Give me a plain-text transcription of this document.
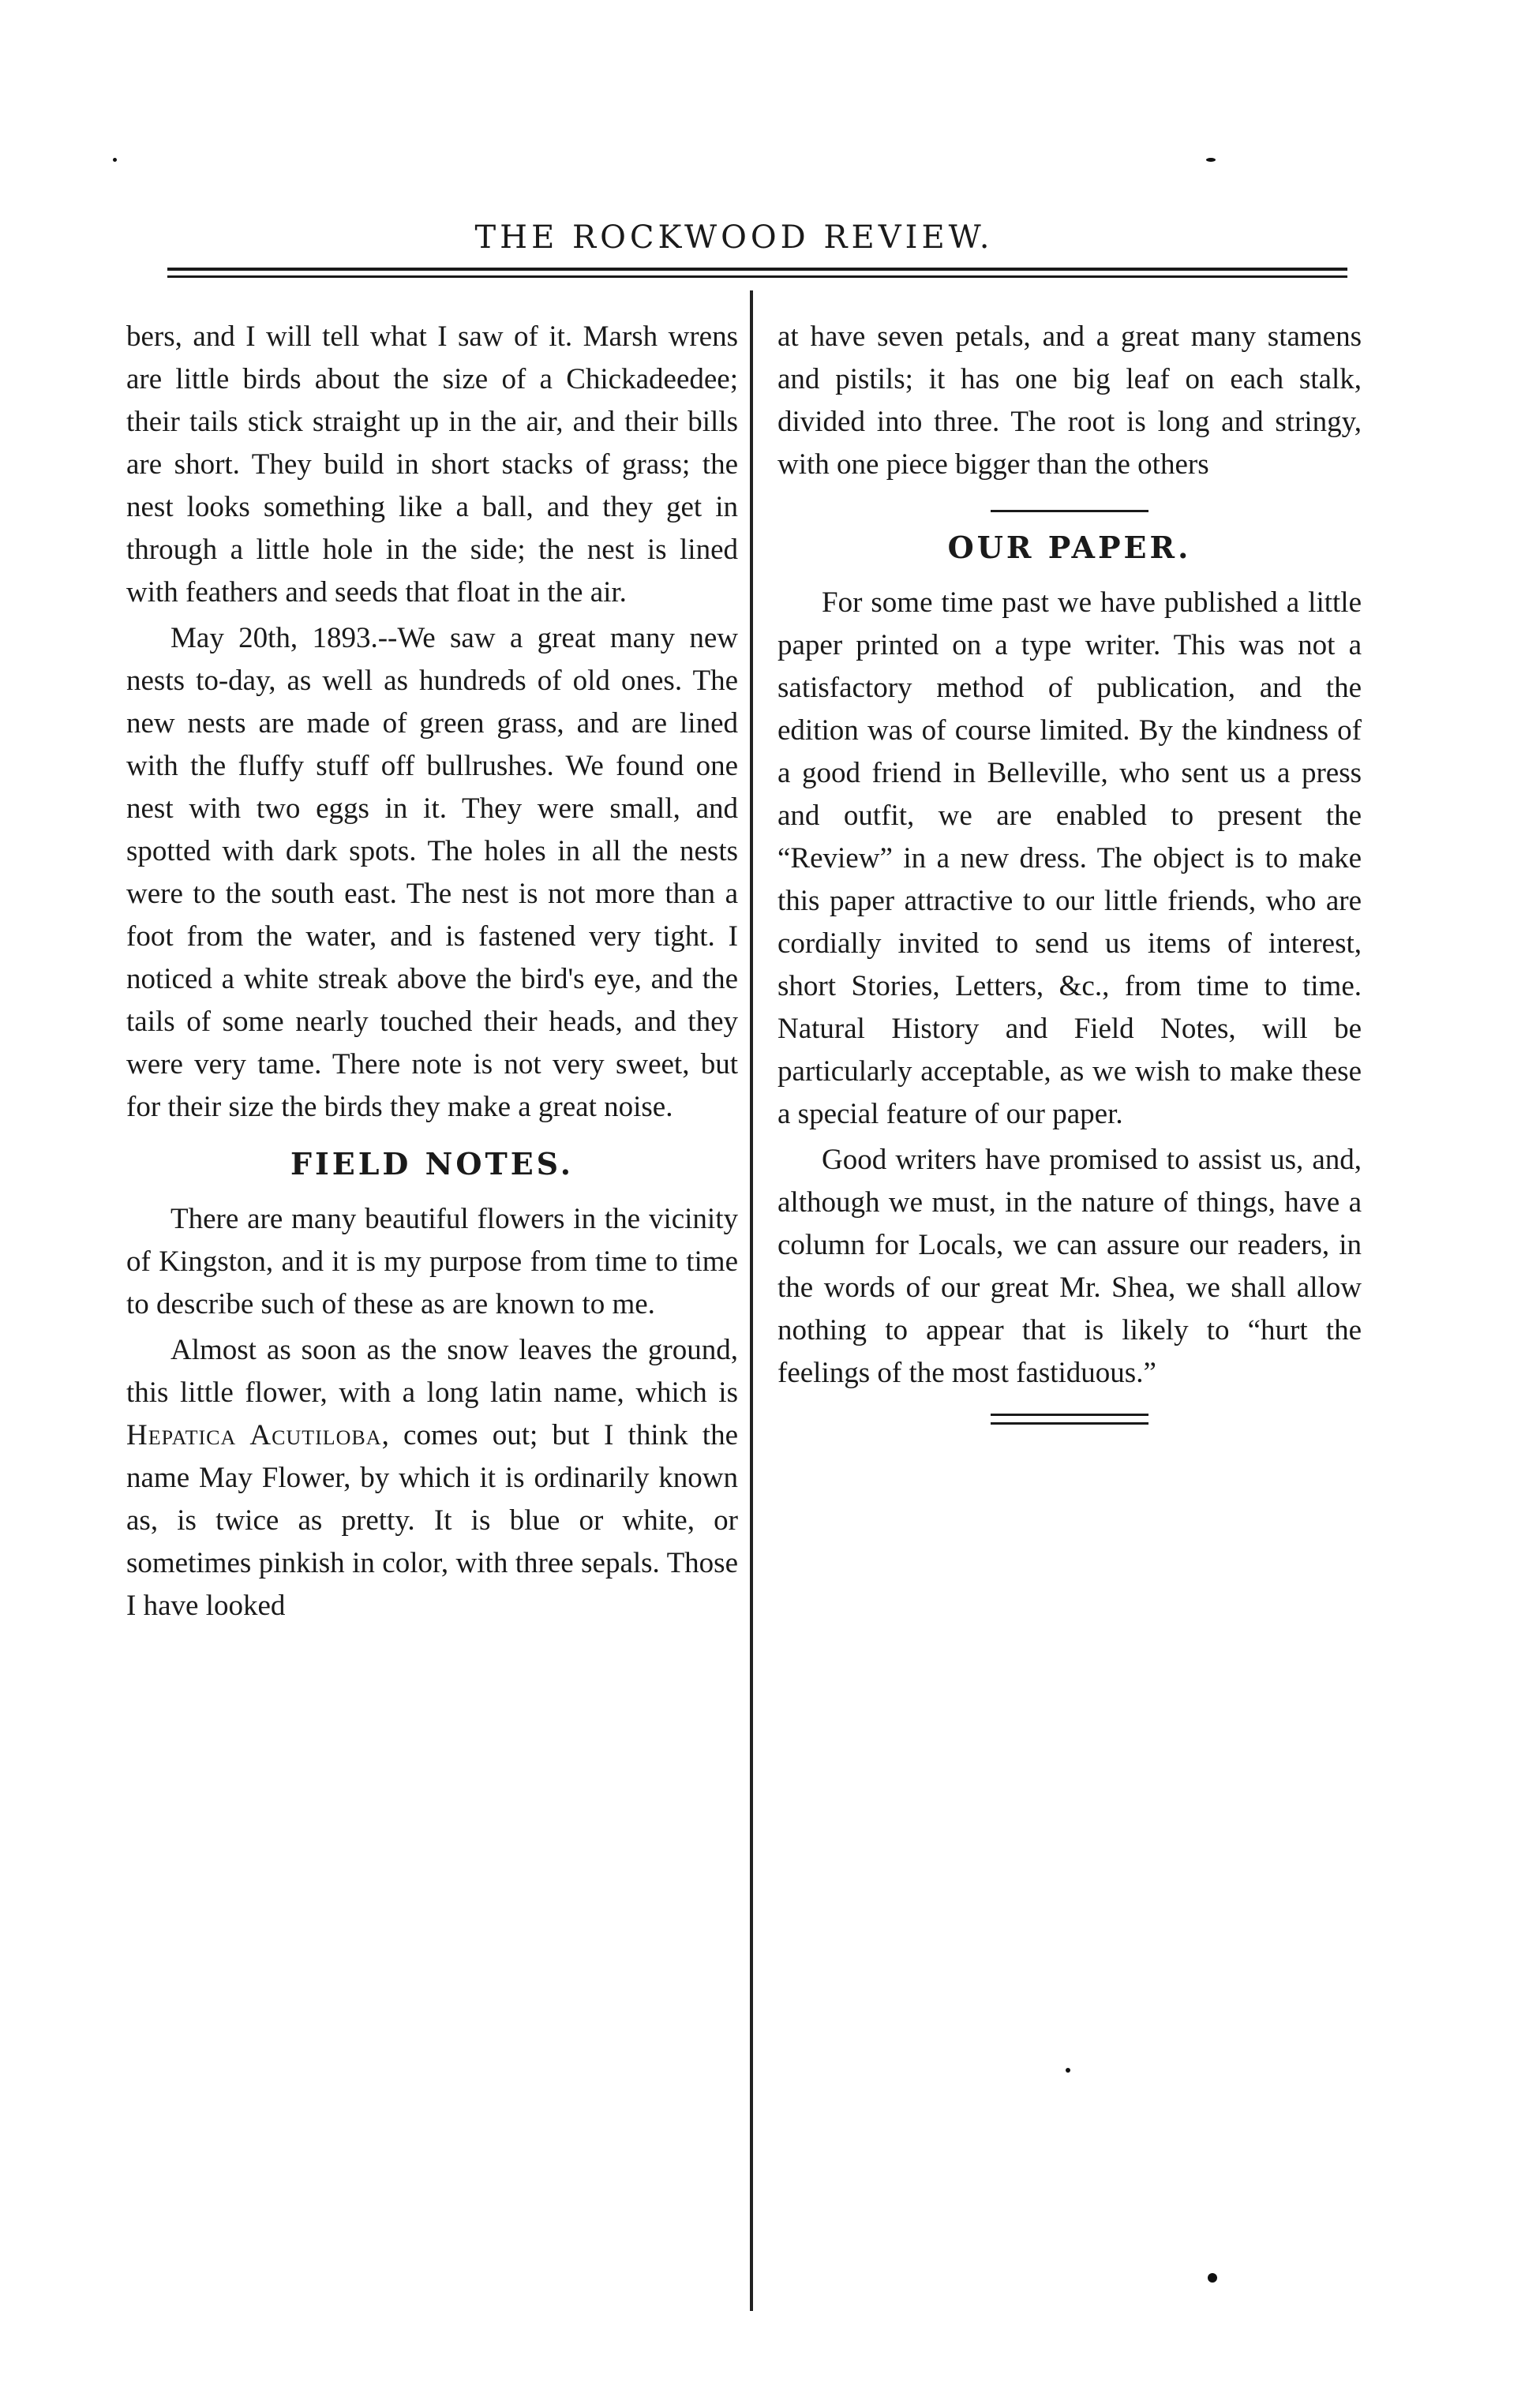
THE ROCKWOOD REVIEW.

bers, and I will tell what I saw of it. Marsh wrens are little birds about the size of a Chickadeedee; their tails stick straight up in the air, and their bills are short. They build in short stacks of grass; the nest looks something like a ball, and they get in through a little hole in the side; the nest is lined with feathers and seeds that float in the air.

May 20th, 1893.--We saw a great many new nests to-day, as well as hundreds of old ones. The new nests are made of green grass, and are lined with the fluffy stuff off bullrushes. We found one nest with two eggs in it. They were small, and spotted with dark spots. The holes in all the nests were to the south east. The nest is not more than a foot from the water, and is fastened very tight. I noticed a white streak above the bird's eye, and the tails of some nearly touched their heads, and they were very tame. There note is not very sweet, but for their size the birds they make a great noise.

FIELD NOTES.

There are many beautiful flowers in the vicinity of Kingston, and it is my purpose from time to time to describe such of these as are known to me.

Almost as soon as the snow leaves the ground, this little flower, with a long latin name, which is Hepatica Acutiloba, comes out; but I think the name May Flower, by which it is ordinarily known as, is twice as pretty. It is blue or white, or sometimes pinkish in color, with three sepals. Those I have looked

at have seven petals, and a great many stamens and pistils; it has one big leaf on each stalk, divided into three. The root is long and stringy, with one piece bigger than the others

OUR PAPER.

For some time past we have published a little paper printed on a type writer. This was not a satisfactory method of publication, and the edition was of course limited. By the kindness of a good friend in Belleville, who sent us a press and outfit, we are enabled to present the “Review” in a new dress. The object is to make this paper attractive to our little friends, who are cordially invited to send us items of interest, short Stories, Letters, &c., from time to time. Natural History and Field Notes, will be particularly acceptable, as we wish to make these a special feature of our paper.

Good writers have promised to assist us, and, although we must, in the nature of things, have a column for Locals, we can assure our readers, in the words of our great Mr. Shea, we shall allow nothing to appear that is likely to “hurt the feelings of the most fastiduous.”
